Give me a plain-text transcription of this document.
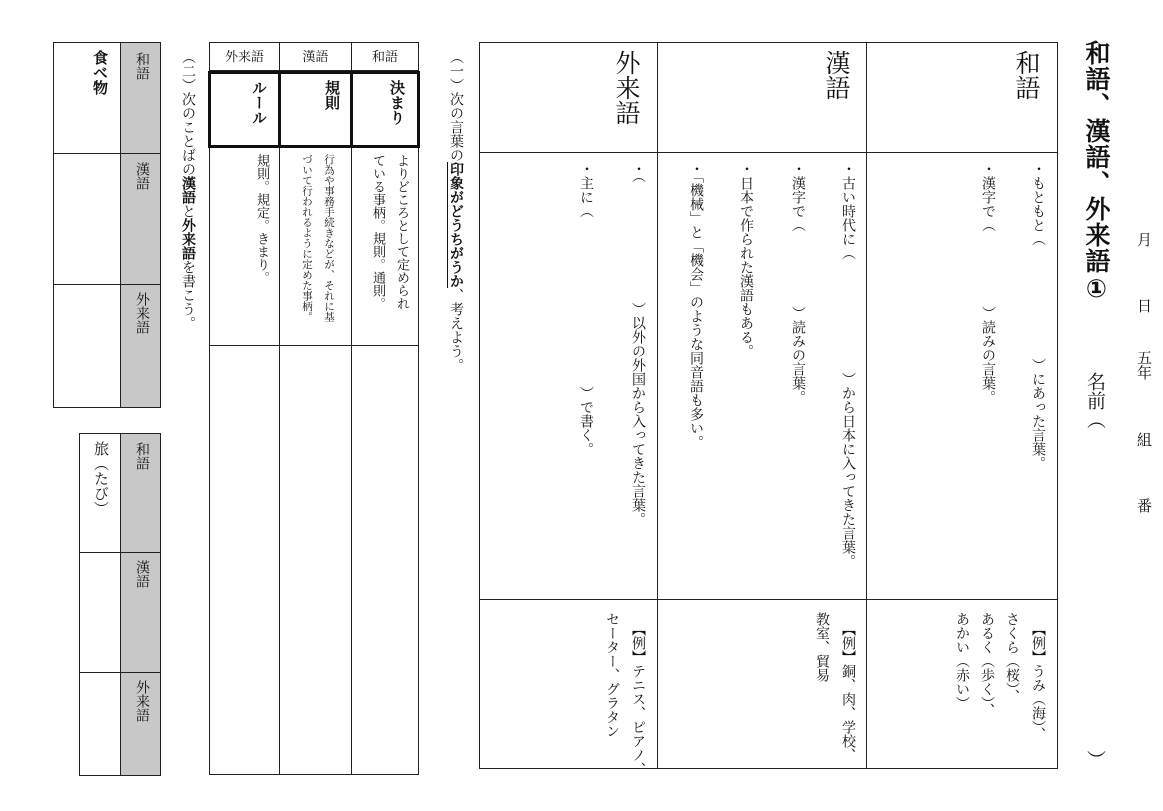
和語、漢語、外来語① 月
日
五年
組
番
名前（
）
和語
漢語
外来語
・もともと（
）にあった言葉。
・漢字で（
）読みの言葉。
【例】うみ（海）、
さくら（桜）、
あるく（歩く）、
あかい（赤い）
・古い時代に（
）から日本に入ってきた言葉。
・漢字で（
）読みの言葉。
・日本で作られた漢語もある。
・「機械」と「機会」のような同音語も多い。
【例】銅、肉、学校、
教室、貿易
・（
）以外の外国から入ってきた言葉。
・主に（
）で書く。
【例】テニス、ピアノ、
セーター、グラタン
（一）次の言葉の印象がどうちがうか、考えよう。
和語
漢語
外来語
決まり
規則
ルール
よりどころとして定められ
ている事柄。規則。通則。
行為や事務手続きなどが、それに基
づいて行われるように定めた事柄。
規則。規定。きまり。
（二）次のことばの漢語と外来語を書こう。
食べ物 和語
漢語
外来語
旅（たび） 和語
漢語
外来語
